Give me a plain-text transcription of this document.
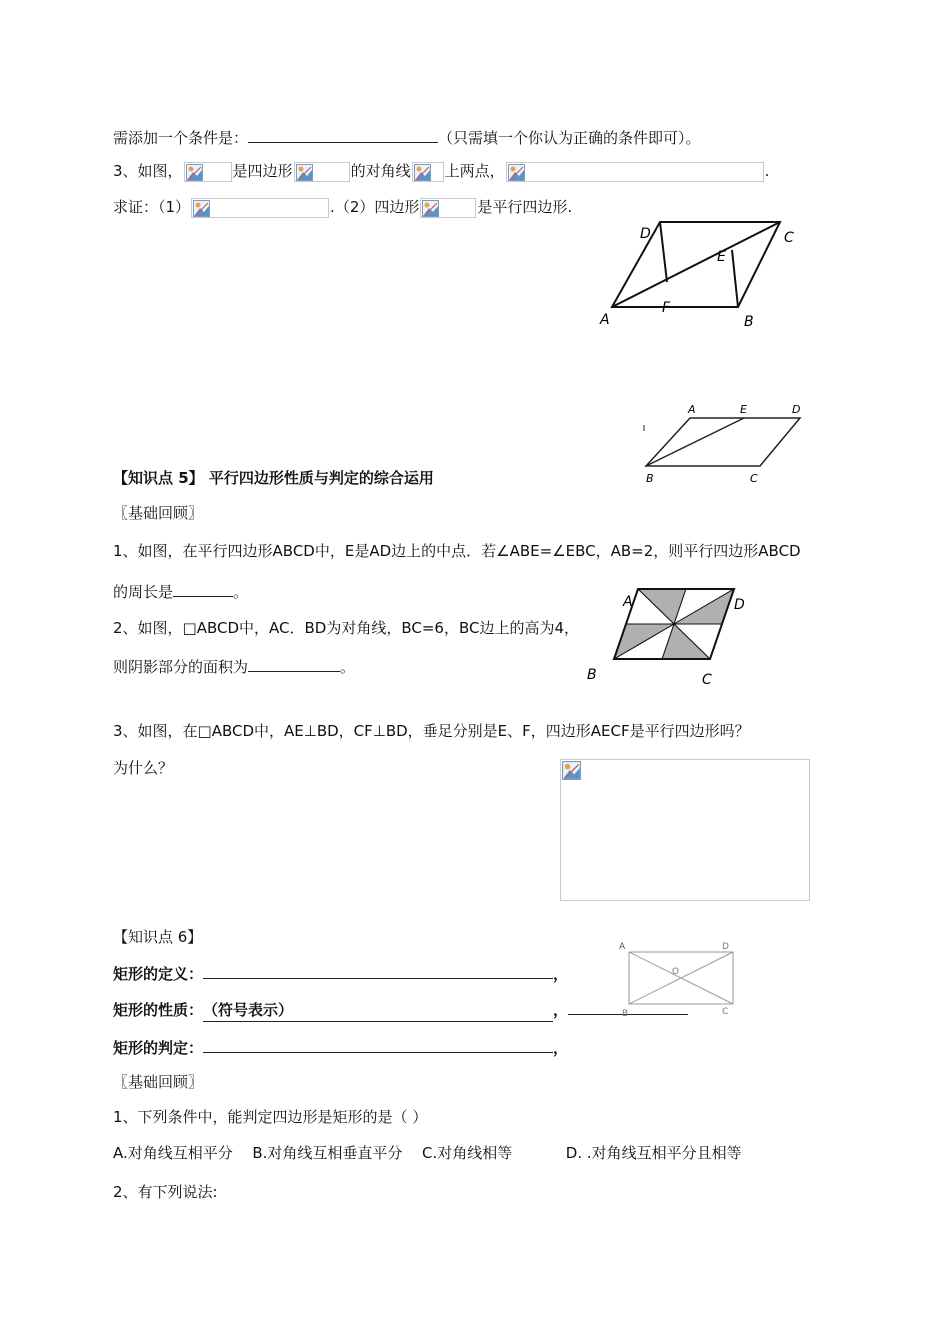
需添加一个条件是：	（只需填一个你认为正确的条件即可）。
3、如图，	是四边形	的对角线 上两点，	.
求证：（1）	.（2）四边形	是平行四边形.
D	C
E
F
A	B
A	E	D
B	C
【知识点 5】 平行四边形性质与判定的综合运用
〖基础回顾〗
1、如图，在平行四边形ABCD中，E是AD边上的中点．若∠ABE=∠EBC，AB=2，则平行四边形ABCD
的周长是	。
2、如图，□ABCD中，AC．BD为对角线，BC=6，BC边上的高为4，
则阴影部分的面积为	。
A	D
B	C
3、如图，在□ABCD中，AE⊥BD，CF⊥BD，垂足分别是E、F，四边形AECF是平行四边形吗？
为什么？
【知识点 6】
矩形的定义：	，
矩形的性质：（符号表示）	，
矩形的判定：	，
A	D
O
B	C
〖基础回顾〗
1、下列条件中，能判定四边形是矩形的是（ ）
A.对角线互相平分 B.对角线互相垂直平分 C.对角线相等	D. .对角线互相平分且相等
2、有下列说法:
